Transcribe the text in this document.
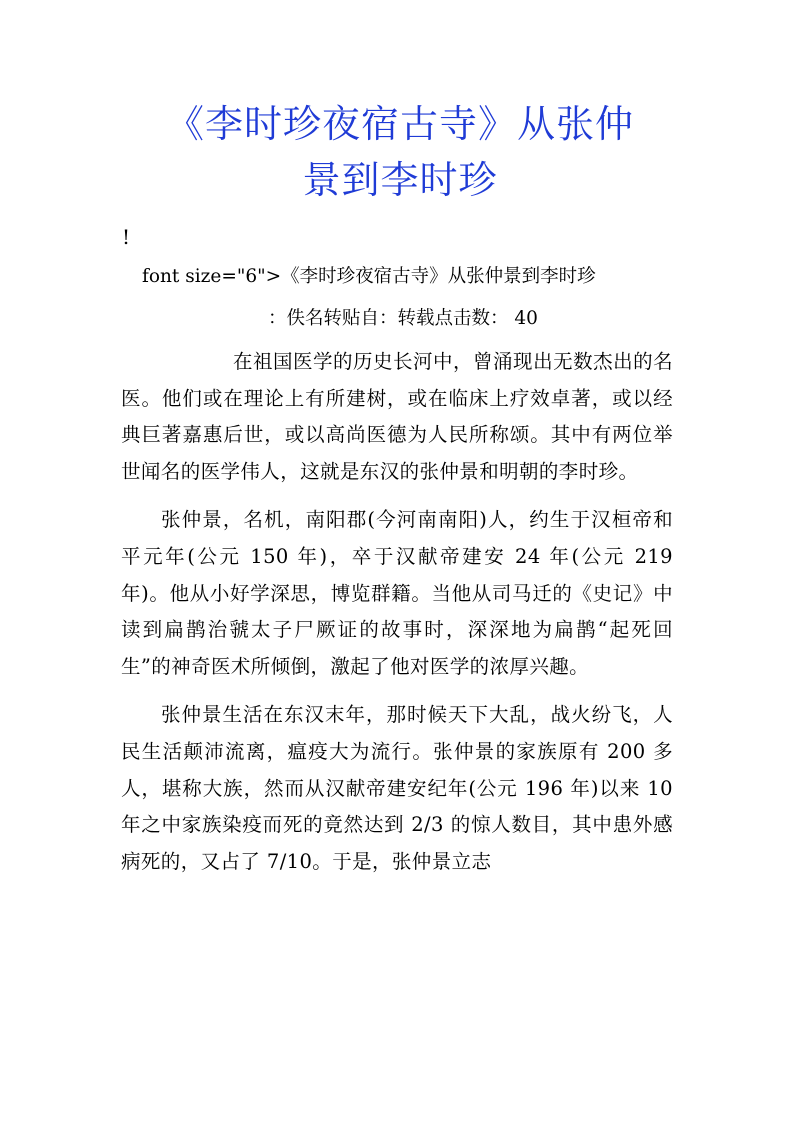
《李时珍夜宿古寺》从张仲
景到李时珍
!
font size="6">《李时珍夜宿古寺》从张仲景到李时珍
：佚名转贴自：转载点击数： 40

在祖国医学的历史长河中，曾涌现出无数杰出的名医。他们或在理论上有所建树，或在临床上疗效卓著，或以经典巨著嘉惠后世，或以高尚医德为人民所称颂。其中有两位举世闻名的医学伟人，这就是东汉的张仲景和明朝的李时珍。

张仲景，名机，南阳郡(今河南南阳)人，约生于汉桓帝和平元年(公元 150 年)，卒于汉献帝建安 24 年(公元 219 年)。他从小好学深思，博览群籍。当他从司马迁的《史记》中读到扁鹊治虢太子尸厥证的故事时，深深地为扁鹊“起死回生”的神奇医术所倾倒，激起了他对医学的浓厚兴趣。

张仲景生活在东汉末年，那时候天下大乱，战火纷飞，人民生活颠沛流离，瘟疫大为流行。张仲景的家族原有 200 多人，堪称大族，然而从汉献帝建安纪年(公元 196 年)以来 10 年之中家族染疫而死的竟然达到 2/3 的惊人数目，其中患外感病死的，又占了 7/10。于是，张仲景立志
